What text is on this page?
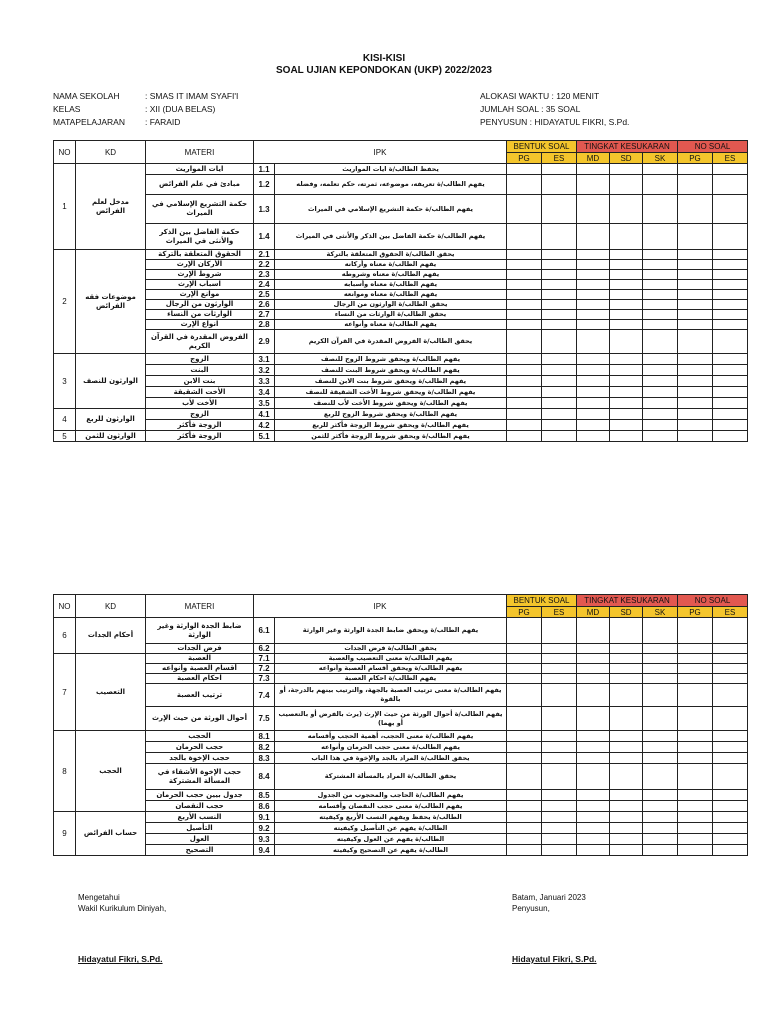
KISI-KISI
SOAL UJIAN KEPONDOKAN (UKP) 2022/2023
NAMA SEKOLAH	: SMAS IT IMAM SYAFI'I
KELAS	: XII (DUA BELAS)
MATAPELAJARAN : FARAID
ALOKASI WAKTU : 120 MENIT
JUMLAH SOAL : 35 SOAL
PENYUSUN : HIDAYATUL FIKRI, S.Pd.
NO	KD	MATERI	IPK		BENTUK SOAL		TINGKAT KESUKARAN			NO SOAL	
					PG	ES	MD	SD	SK	PG	ES
1	مدخل لعلم الفرائض	ايات المواريث	1.1	يحفظ الطالب/ة ايات المواريث							
		مبادئ في علم الفرائض	1.2	يفهم الطالب/ة تعريفه، موضوعه، ثمرته، حكم تعلمه، وفضله							
		حكمة التشريع الإسلامي في الميراث	1.3	يفهم الطالب/ة حكمة التشريع الإسلامي في الميراث							
		حكمة الفاضل بين الذكر والأنثى في الميراث	1.4	يفهم الطالب/ة حكمة الفاضل بين الذكر والأنثى في الميراث							
2	موضوعات فقه الفرائض	الحقوق المتعلقة بالتركة	2.1	يحقق الطالب/ة الحقوق المتعلقة بالتركة							
		الأركان الإرث	2.2	يفهم الطالب/ة معناه وأركانه							
		شروط الإرث	2.3	يفهم الطالب/ة معناه وشروطه							
		اسباب الإرث	2.4	يفهم الطالب/ة معناه وأسبابه							
		موانع الإرث	2.5	يفهم الطالب/ة معناه وموانعه							
		الوارثون من الرجال	2.6	يحقق الطالب/ة الوارثون من الرجال							
		الوارثات من النساء	2.7	يحقق الطالب/ة الوارثات من النساء							
		انواع الإرث	2.8	يفهم الطالب/ة معناه وأنواعه							
		الفروض المقدرة في القرآن الكريم	2.9	يحقق الطالب/ة الفروض المقدرة في القرآن الكريم							
3	الوارثون للنصف	الزوج	3.1	يفهم الطالب/ة ويحقق شروط الزوج للنصف							
		البنت	3.2	يفهم الطالب/ة ويحقق شروط البنت للنصف							
		بنت الابن	3.3	يفهم الطالب/ة ويحقق شروط بنت الابن للنصف							
		الأخت الشقيقة	3.4	يفهم الطالب/ة ويحقق شروط الأخت الشقيقة للنصف							
		الأخت لأب	3.5	يفهم الطالب/ة ويحقق شروط الأخت لأب للنصف							
4	الوارثون للربع	الزوج	4.1	يفهم الطالب/ة ويحقق شروط الزوج للربع							
		الزوجة فأكثر	4.2	يفهم الطالب/ة ويحقق شروط الزوجة فأكثر للربع							
5	الوارثون للثمن	الزوجة فأكثر	5.1	يفهم الطالب/ة ويحقق شروط الزوجة فأكثر للثمن							
NO	KD	MATERI	IPK		BENTUK SOAL		TINGKAT KESUKARAN			NO SOAL	
					PG	ES	MD	SD	SK	PG	ES
6	أحكام الجدات	ضابط الجدة الوارثة وغير الوارثة	6.1	يفهم الطالب/ة ويحقق ضابط الجدة الوارثة وغير الوارثة							
		فرض الجدات	6.2	يحقق الطالب/ة فرض الجدات							
7	التعصيب	العصبة	7.1	يفهم الطالب/ة معنى التعصيب والعصبة							
		أقسام العصبة وأنواعه	7.2	يفهم الطالب/ة ويحقق أقسام العصبة وأنواعه							
		احكام العصبة	7.3	يفهم الطالب/ة احكام العصبة							
		ترتيب العصبة	7.4	يفهم الطالب/ة معنى ترتيب العصبة بالجهة، والترتيب بينهم بالدرجة، أو بالقوة							
		أحوال الورثة من حيث الإرث	7.5	يفهم الطالب/ة أحوال الورثة من حيث الإرث (يرث بالفرض أو بالتعصيب أو بهما)							
8	الحجب	الحجب	8.1	يفهم الطالب/ة معنى الحجب، أهمية الحجب وأقسامه							
		حجب الحرمان	8.2	يفهم الطالب/ة معنى حجب الحرمان وأنواعه							
		حجب الإخوة بالجد	8.3	يحقق الطالب/ة المراد بالجد والإخوة في هذا الباب							
		حجب الإخوة الأشقاء في المسألة المشتركة	8.4	يحقق الطالب/ة المراد بالمسألة المشتركة							
		جدول بيين حجب الحرمان	8.5	يفهم الطالب/ة الحاجب والمحجوب من الجدول							
		حجب النقصان	8.6	يفهم الطالب/ة معنى حجب النقصان وأقسامه							
9	حساب الفرائض	النسب الأربع	9.1	الطالب/ة يحفظ ويفهم النسب الأربع وكيفيته							
		التأصيل	9.2	الطالب/ة يفهم عن التأصيل وكيفيته							
		العول	9.3	الطالب/ة يفهم عن العول وكيفيته							
		التصحيح	9.4	الطالب/ة يفهم عن التصحيح وكيفيته							
Mengetahui
Wakil Kurikulum Diniyah,
Batam, Januari 2023
Penyusun,
Hidayatul Fikri, S.Pd.	Hidayatul Fikri, S.Pd.
